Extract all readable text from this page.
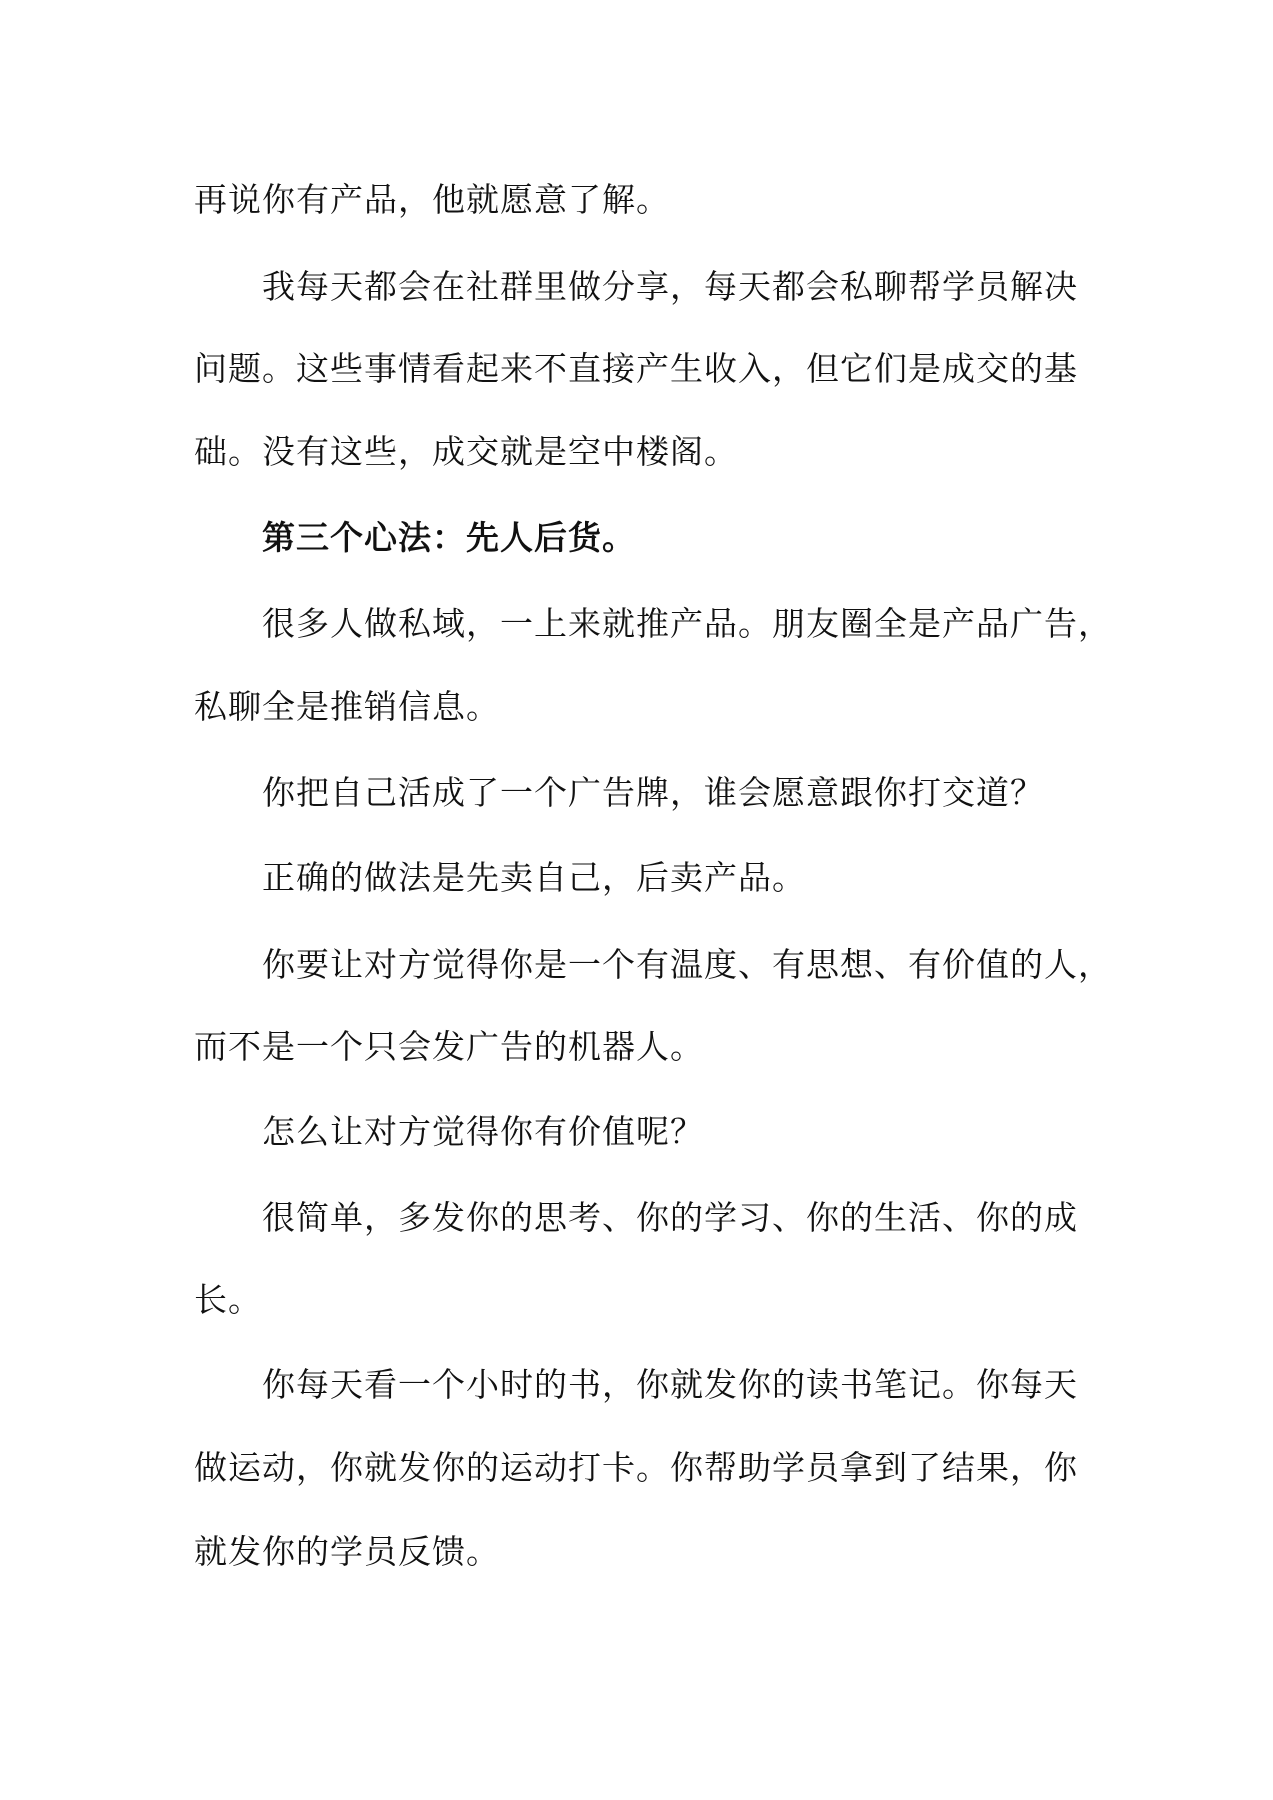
再说你有产品，他就愿意了解。
我每天都会在社群里做分享，每天都会私聊帮学员解决
问题。这些事情看起来不直接产生收入，但它们是成交的基
础。没有这些，成交就是空中楼阁。
第三个心法：先人后货。
很多人做私域，一上来就推产品。朋友圈全是产品广告，
私聊全是推销信息。
你把自己活成了一个广告牌，谁会愿意跟你打交道？
正确的做法是先卖自己，后卖产品。
你要让对方觉得你是一个有温度、有思想、有价值的人，
而不是一个只会发广告的机器人。
怎么让对方觉得你有价值呢？
很简单，多发你的思考、你的学习、你的生活、你的成
长。
你每天看一个小时的书，你就发你的读书笔记。你每天
做运动，你就发你的运动打卡。你帮助学员拿到了结果，你
就发你的学员反馈。
